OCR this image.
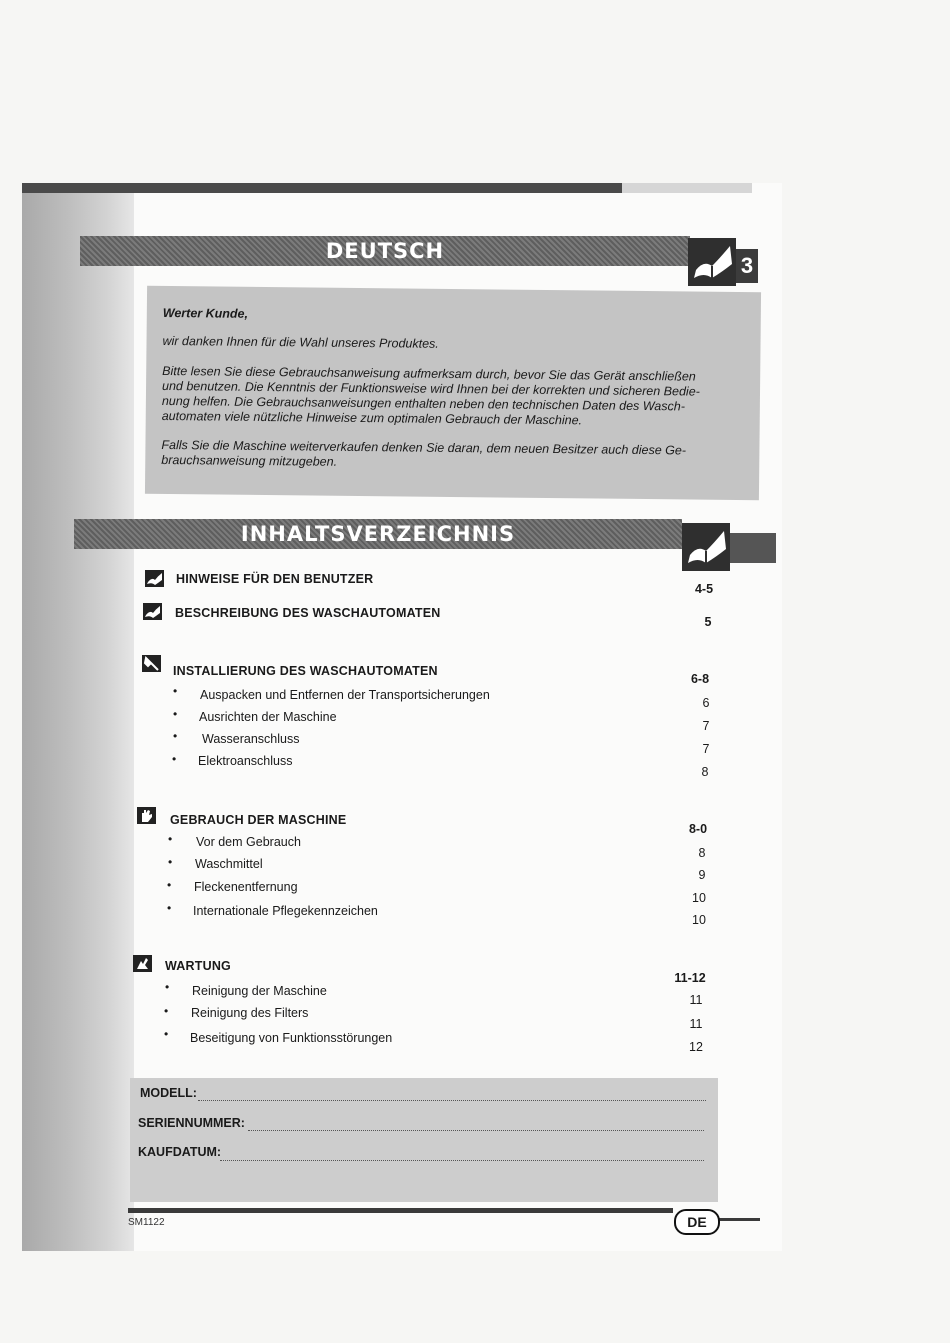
DEUTSCH
3

Werter Kunde,

wir danken Ihnen für die Wahl unseres Produktes.

Bitte lesen Sie diese Gebrauchsanweisung aufmerksam durch, bevor Sie das Gerät anschließen

und benutzen. Die Kenntnis der Funktionsweise wird Ihnen bei der korrekten und sicheren Bedie-

nung helfen. Die Gebrauchsanweisungen enthalten neben den technischen Daten des Wasch-

automaten viele nützliche Hinweise zum optimalen Gebrauch der Maschine.

Falls Sie die Maschine weiterverkaufen denken Sie daran, dem neuen Besitzer auch diese Ge-

brauchsanweisung mitzugeben.

INHALTSVERZEICHNIS
HINWEISE FÜR DEN BENUTZER
4-5
BESCHREIBUNG DES WASCHAUTOMATEN
5
INSTALLIERUNG DES WASCHAUTOMATEN
6-8
• Auspacken und Entfernen der Transportsicherungen
6
• Ausrichten der Maschine
7
• Wasseranschluss
7
• Elektroanschluss
8
GEBRAUCH DER MASCHINE
8-0
• Vor dem Gebrauch
8
• Waschmittel
9
• Fleckenentfernung
10
• Internationale Pflegekennzeichen
10
WARTUNG
11-12
• Reinigung der Maschine
11
• Reinigung des Filters
11
• Beseitigung von Funktionsstörungen
12
MODELL:
SERIENNUMMER:
KAUFDATUM:
SM1122	DE
